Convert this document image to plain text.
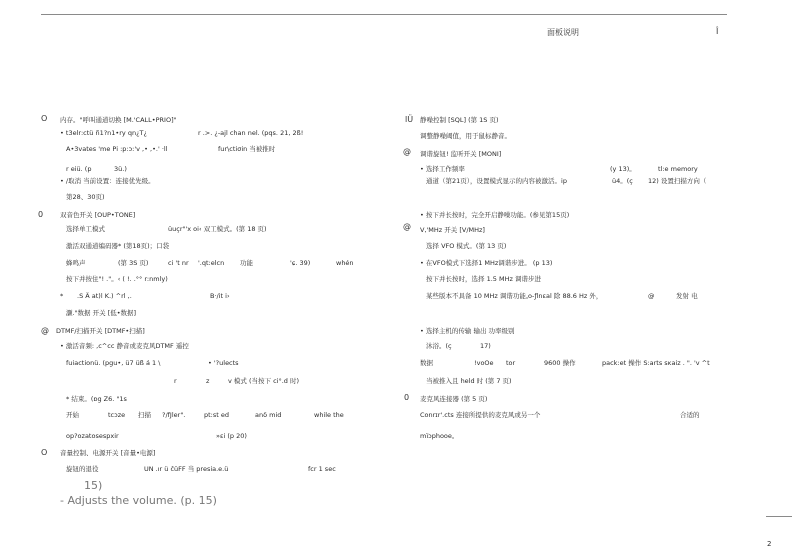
面板说明	Î
O 内存。"呼叫通道切换 [M.'CALL•PRIO]"
• t3elr:ctü ñ1?n1•ry qn¿T¿	r .>. ¿-ajl chan nel. (pqs. 21, 2ß!
A•3vates 'me Pi :p:ɔ:'v ,• ,•.' ·ll	fur\ctiσin 当被推时
r eiü. (p	3ü.)
• /取消 当前设置：连接优先级。
第28、30页)
0	双音色开关 [OUP•TONE]
选择单工模式	üuçr"'x oi‹ 双工模式。(第 18 页)
激活双通道编码器* (第18页)；口袋
蜂鸣声	(第 3S 页)	ci 't nr '.qt:elcn 功能	'ɕ. 39)	whén
按下并按住"! ."。‹ ( !. .°° r:nmly)
* .S Ä at)l K.) ^rl ,.	B·/it i›
灏."数据 开关 [低•数据]
@ DTMF/扫描开关 [DTMF•扫描]
• 激活音频: ,c^cc 静音或麦克风DTMF 遥控
fuiactionü. (pgu•, ü7 üß á 1 \	• '?ulects
r	z	v 模式 (当按下 ci°.d 时)
* 结束。(ɒg Z6. "1s
开始	tcɔze 扫描 ?/fJler".	pt:st ed	anδ mid	while the
op?ozatosespxir	»ɛi (p 20)
O 音量控制、电源开关 [音量•电源]
旋钮的退役	UN .ır ü čüFF 当 presia.e.ü	fcr 1 sec
15)
- Adjusts the volume. (p. 15)
lÜ 静噪控制 [SQL] (第 1S 页)
调整静噪阈值，用于鼠标静音。
@ 调谐旋钮! 监听开关 [MONI]
• 选择工作频率	(y 13)。	tl:e memory
通道（第21页），设置模式显示的内容被激活。ip	ü4。(ç 12) 设置扫描方向（
• 按下并长按时，完全开启静噪功能。(参见第15页)
@ V,'MHz 开关 [V/MHz]
选择 VFO 模式。(第 13 页)
• 在VFO模式下选择1 MHz调谐步进。 (p 13)
按下并长按时，选择 1.5 MHz 调谐步进
某些版本不具备 10 MHz 调谐功能。
ᴏ-ƒlnɛal 除 88.6 Hz 外，	@	发射 电
• 选择主机的传输 输出 功率级别
沐浴。(ç	17)
数据	!voOe tor	9600 操作	pack:et 操作 S:arts sᴋaiz . ". 'v ^t
当被推入且 held 时 (第 7 页)
0 麦克风连接器 (第 5 页)
Conrɪr'.cts 连接所提供的麦克风或另一个	合适的
mïɔphooe。
2
